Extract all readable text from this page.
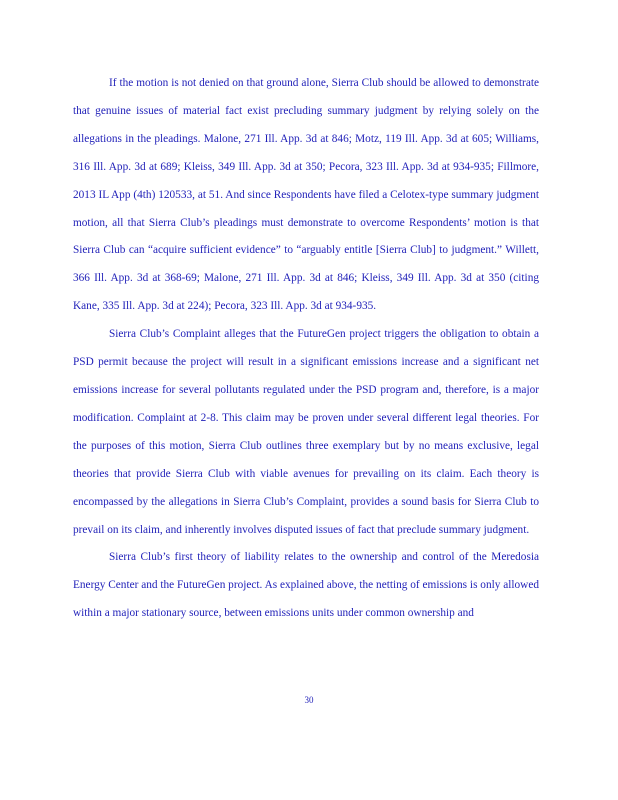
If the motion is not denied on that ground alone, Sierra Club should be allowed to demonstrate that genuine issues of material fact exist precluding summary judgment by relying solely on the allegations in the pleadings. Malone, 271 Ill. App. 3d at 846; Motz, 119 Ill. App. 3d at 605; Williams, 316 Ill. App. 3d at 689; Kleiss, 349 Ill. App. 3d at 350; Pecora, 323 Ill. App. 3d at 934-935; Fillmore, 2013 IL App (4th) 120533, at 51. And since Respondents have filed a Celotex-type summary judgment motion, all that Sierra Club’s pleadings must demonstrate to overcome Respondents’ motion is that Sierra Club can “acquire sufficient evidence” to “arguably entitle [Sierra Club] to judgment.” Willett, 366 Ill. App. 3d at 368-69; Malone, 271 Ill. App. 3d at 846; Kleiss, 349 Ill. App. 3d at 350 (citing Kane, 335 Ill. App. 3d at 224); Pecora, 323 Ill. App. 3d at 934-935.

Sierra Club’s Complaint alleges that the FutureGen project triggers the obligation to obtain a PSD permit because the project will result in a significant emissions increase and a significant net emissions increase for several pollutants regulated under the PSD program and, therefore, is a major modification. Complaint at 2-8. This claim may be proven under several different legal theories. For the purposes of this motion, Sierra Club outlines three exemplary but by no means exclusive, legal theories that provide Sierra Club with viable avenues for prevailing on its claim. Each theory is encompassed by the allegations in Sierra Club’s Complaint, provides a sound basis for Sierra Club to prevail on its claim, and inherently involves disputed issues of fact that preclude summary judgment.

Sierra Club’s first theory of liability relates to the ownership and control of the Meredosia Energy Center and the FutureGen project. As explained above, the netting of emissions is only allowed within a major stationary source, between emissions units under common ownership and

30
